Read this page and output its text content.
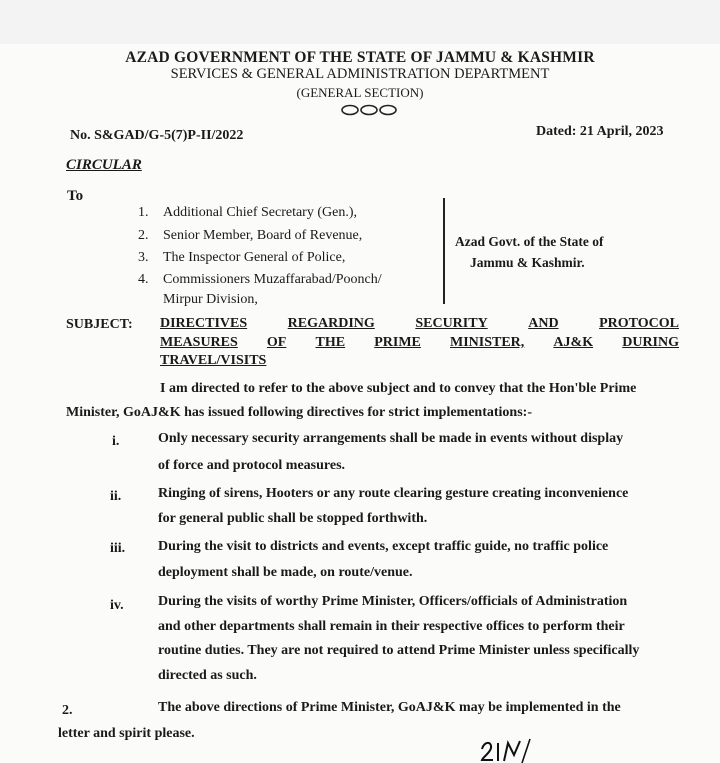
AZAD GOVERNMENT OF THE STATE OF JAMMU & KASHMIR
SERVICES & GENERAL ADMINISTRATION DEPARTMENT
(GENERAL SECTION)
No. S&GAD/G-5(7)P-II/2022	Dated: 21 April, 2023
CIRCULAR
To
1. Additional Chief Secretary (Gen.),
2. Senior Member, Board of Revenue,
3. The Inspector General of Police,
4. Commissioners Muzaffarabad/Poonch/
Mirpur Division,
Azad Govt. of the State of
Jammu & Kashmir.
SUBJECT: DIRECTIVES	REGARDING	SECURITY	AND	PROTOCOL
MEASURES OF THE PRIME MINISTER, AJ&K DURING
TRAVEL/VISITS
I am directed to refer to the above subject and to convey that the Hon'ble Prime
Minister, GoAJ&K has issued following directives for strict implementations:-
i.	Only necessary security arrangements shall be made in events without display
of force and protocol measures.
ii.	Ringing of sirens, Hooters or any route clearing gesture creating inconvenience
for general public shall be stopped forthwith.
iii. During the visit to districts and events, except traffic guide, no traffic police
deployment shall be made, on route/venue.
iv. During the visits of worthy Prime Minister, Officers/officials of Administration
and other departments shall remain in their respective offices to perform their
routine duties. They are not required to attend Prime Minister unless specifically
directed as such.
2.	The above directions of Prime Minister, GoAJ&K may be implemented in the
letter and spirit please.
